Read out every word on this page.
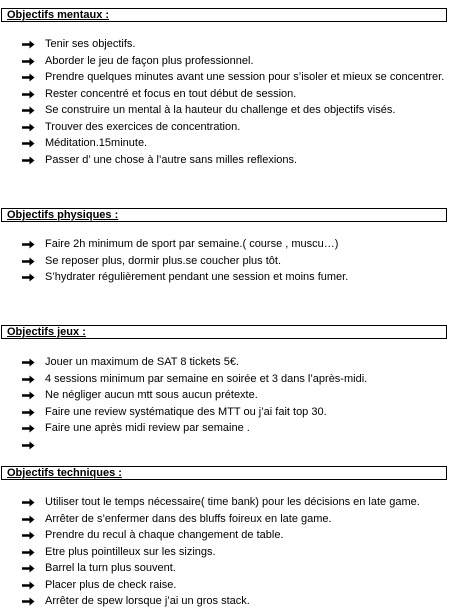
Objectifs mentaux :
Tenir ses objectifs.
Aborder le jeu de façon plus professionnel.
Prendre quelques minutes avant une session pour s’isoler et mieux se concentrer.
Rester concentré et focus en tout début de session.
Se construire un mental à la hauteur du challenge et des objectifs visés.
Trouver des exercices de concentration.
Méditation.15minute.
Passer d’ une chose à l’autre sans milles reflexions.
Objectifs physiques :
Faire 2h minimum de sport par semaine.( course , muscu…)
Se reposer plus, dormir plus.se coucher plus tôt.
S’hydrater régulièrement pendant une session et moins fumer.
Objectifs jeux :
Jouer un maximum de SAT 8 tickets 5€.
4 sessions minimum par semaine en soirée et 3 dans l’après-midi.
Ne négliger aucun mtt sous aucun prétexte.
Faire une review systématique des MTT ou j’ai fait top 30.
Faire une après midi review par semaine .
Objectifs techniques :
Utiliser tout le temps nécessaire( time bank) pour les décisions en late game.
Arrêter de s’enfermer dans des bluffs foireux en late game.
Prendre du recul à chaque changement de table.
Etre plus pointilleux sur les sizings.
Barrel la turn plus souvent.
Placer plus de check raise.
Arrêter de spew lorsque j’ai un gros stack.
